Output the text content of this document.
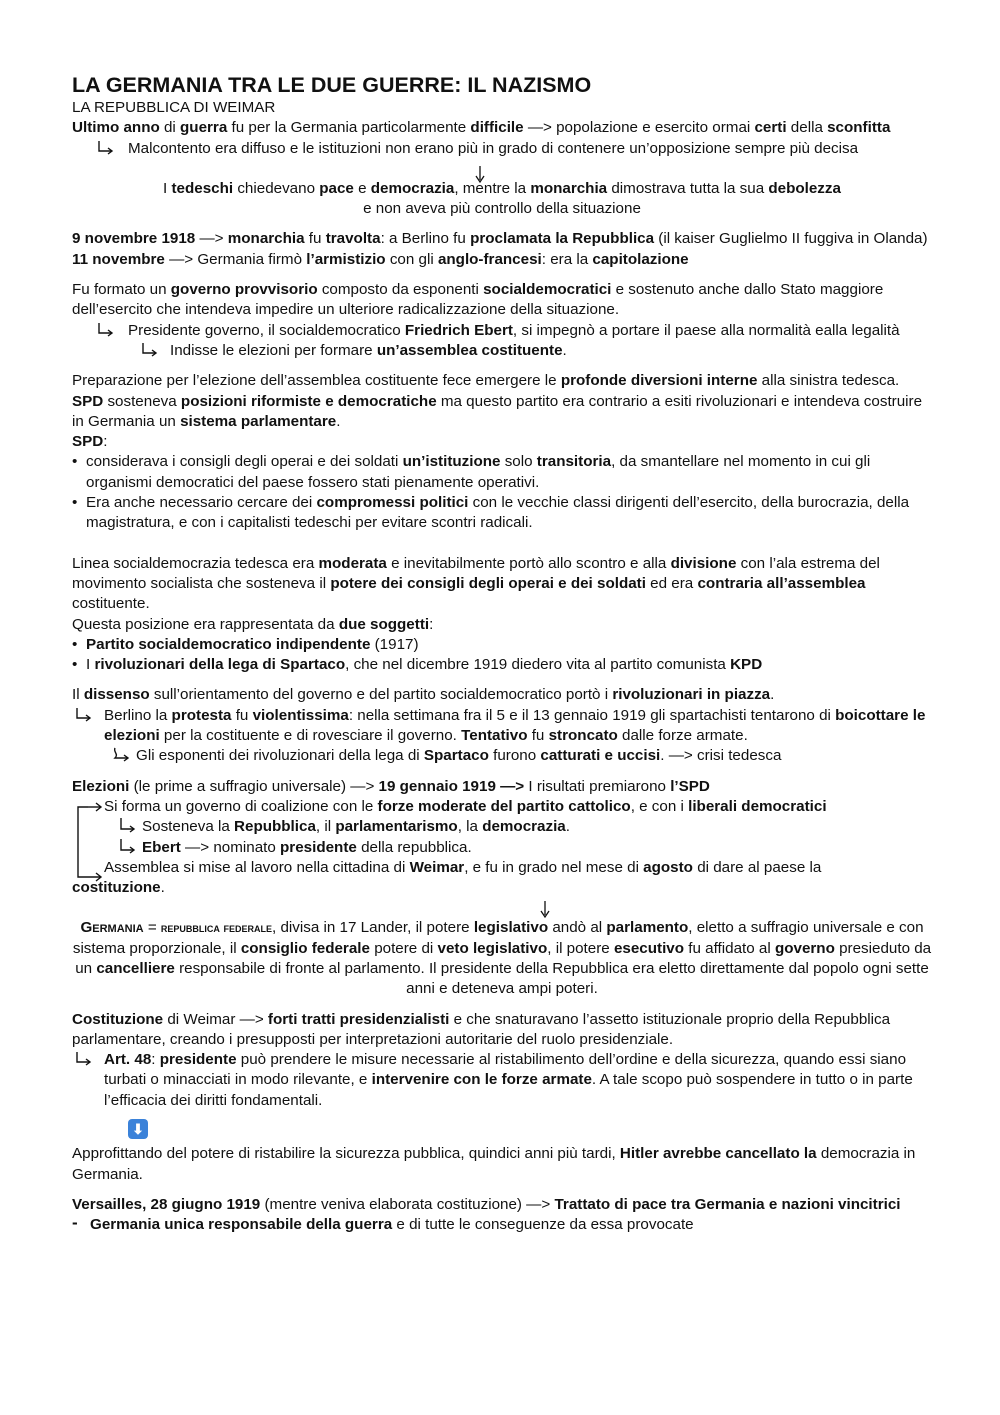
LA GERMANIA TRA LE DUE GUERRE: IL NAZISMO

LA REPUBBLICA DI WEIMAR

Ultimo anno di guerra fu per la Germania particolarmente difficile —> popolazione e esercito ormai certi della sconfitta

Malcontento era diffuso e le istituzioni non erano più in grado di contenere un’opposizione sempre più decisa

I tedeschi chiedevano pace e democrazia, mentre la monarchia dimostrava tutta la sua debolezza

e non aveva più controllo della situazione

9 novembre 1918 —> monarchia fu travolta: a Berlino fu proclamata la Repubblica (il kaiser Guglielmo II fuggiva in Olanda) 11 novembre —> Germania firmò l’armistizio con gli anglo-francesi: era la capitolazione

Fu formato un governo provvisorio composto da esponenti socialdemocratici e sostenuto anche dallo Stato maggiore dell’esercito che intendeva impedire un ulteriore radicalizzazione della situazione.

Presidente governo, il socialdemocratico Friedrich Ebert, si impegnò a portare il paese alla normalità ealla legalità
Indisse le elezioni per formare un’assemblea costituente.

Preparazione per l’elezione dell’assemblea costituente fece emergere le profonde diversioni interne alla sinistra tedesca.

SPD sosteneva posizioni riformiste e democratiche ma questo partito era contrario a esiti rivoluzionari e intendeva costruire in Germania un sistema parlamentare.

SPD:

• considerava i consigli degli operai e dei soldati un’istituzione solo transitoria, da smantellare nel momento in cui gli organismi democratici del paese fossero stati pienamente operativi.
• Era anche necessario cercare dei compromessi politici con le vecchie classi dirigenti dell’esercito, della burocrazia, della magistratura, e con i capitalisti tedeschi per evitare scontri radicali.

Linea socialdemocrazia tedesca era moderata e inevitabilmente portò allo scontro e alla divisione con l’ala estrema del movimento socialista che sosteneva il potere dei consigli degli operai e dei soldati ed era contraria all’assemblea costituente.

Questa posizione era rappresentata da due soggetti:

• Partito socialdemocratico indipendente (1917)
• I rivoluzionari della lega di Spartaco, che nel dicembre 1919 diedero vita al partito comunista KPD

Il dissenso sull’orientamento del governo e del partito socialdemocratico portò i rivoluzionari in piazza.

Berlino la protesta fu violentissima: nella settimana fra il 5 e il 13 gennaio 1919 gli spartachisti tentarono di boicottare le elezioni per la costituente e di rovesciare il governo. Tentativo fu stroncato dalle forze armate.
Gli esponenti dei rivoluzionari della lega di Spartaco furono catturati e uccisi. —> crisi tedesca

Elezioni (le prime a suffragio universale) —> 19 gennaio 1919 —> I risultati premiarono l’SPD

Si forma un governo di coalizione con le forze moderate del partito cattolico, e con i liberali democratici
Sosteneva la Repubblica, il parlamentarismo, la democrazia.
Ebert —> nominato presidente della repubblica.
Assemblea si mise al lavoro nella cittadina di Weimar, e fu in grado nel mese di agosto di dare al paese la

costituzione.

Germania = repubblica federale, divisa in 17 Lander, il potere legislativo andò al parlamento, eletto a suffragio universale e con sistema proporzionale, il consiglio federale potere di veto legislativo, il potere esecutivo fu affidato al governo presieduto da un cancelliere responsabile di fronte al parlamento. Il presidente della Repubblica era eletto direttamente dal popolo ogni sette anni e deteneva ampi poteri.

Costituzione di Weimar —> forti tratti presidenzialisti e che snaturavano l’assetto istituzionale proprio della Repubblica parlamentare, creando i presupposti per interpretazioni autoritarie del ruolo presidenziale.

Art. 48: presidente può prendere le misure necessarie al ristabilimento dell’ordine e della sicurezza, quando essi siano turbati o minacciati in modo rilevante, e intervenire con le forze armate. A tale scopo può sospendere in tutto o in parte l’efficacia dei diritti fondamentali.
⬇

Approfittando del potere di ristabilire la sicurezza pubblica, quindici anni più tardi, Hitler avrebbe cancellato la democrazia in Germania.

Versailles, 28 giugno 1919 (mentre veniva elaborata costituzione) —> Trattato di pace tra Germania e nazioni vincitrici

- Germania unica responsabile della guerra e di tutte le conseguenze da essa provocate
